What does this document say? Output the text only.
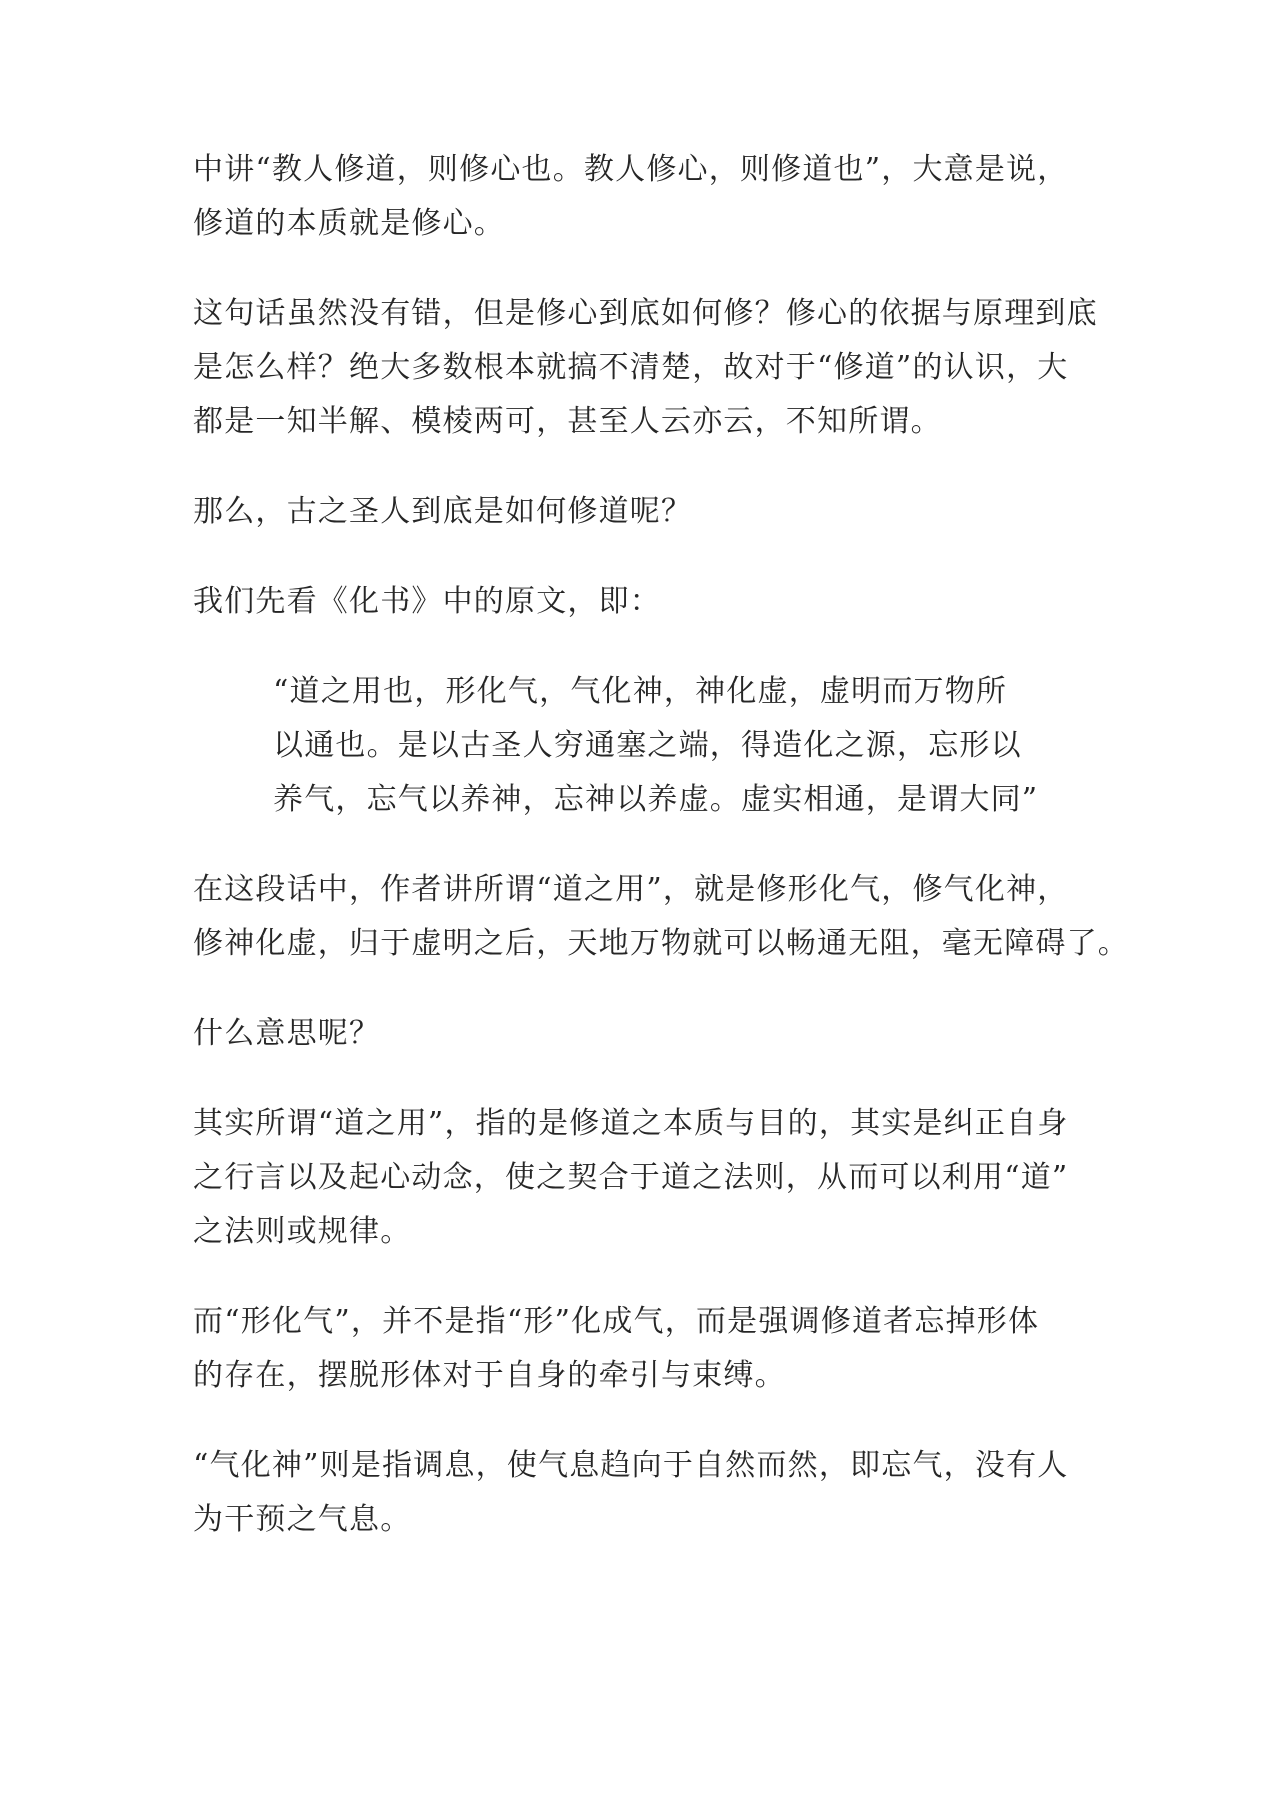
中讲“教人修道，则修心也。教人修心，则修道也”，大意是说，
修道的本质就是修心。

这句话虽然没有错，但是修心到底如何修？修心的依据与原理到底
是怎么样？绝大多数根本就搞不清楚，故对于“修道”的认识，大
都是一知半解、模棱两可，甚至人云亦云，不知所谓。

那么，古之圣人到底是如何修道呢？

我们先看《化书》中的原文，即：

“道之用也，形化气，气化神，神化虚，虚明而万物所
以通也。是以古圣人穷通塞之端，得造化之源，忘形以
养气，忘气以养神，忘神以养虚。虚实相通，是谓大同”

在这段话中，作者讲所谓“道之用”，就是修形化气，修气化神，
修神化虚，归于虚明之后，天地万物就可以畅通无阻，毫无障碍了。

什么意思呢？

其实所谓“道之用”，指的是修道之本质与目的，其实是纠正自身
之行言以及起心动念，使之契合于道之法则，从而可以利用“道”
之法则或规律。

而“形化气”，并不是指“形”化成气，而是强调修道者忘掉形体
的存在，摆脱形体对于自身的牵引与束缚。

“气化神”则是指调息，使气息趋向于自然而然，即忘气，没有人
为干预之气息。
